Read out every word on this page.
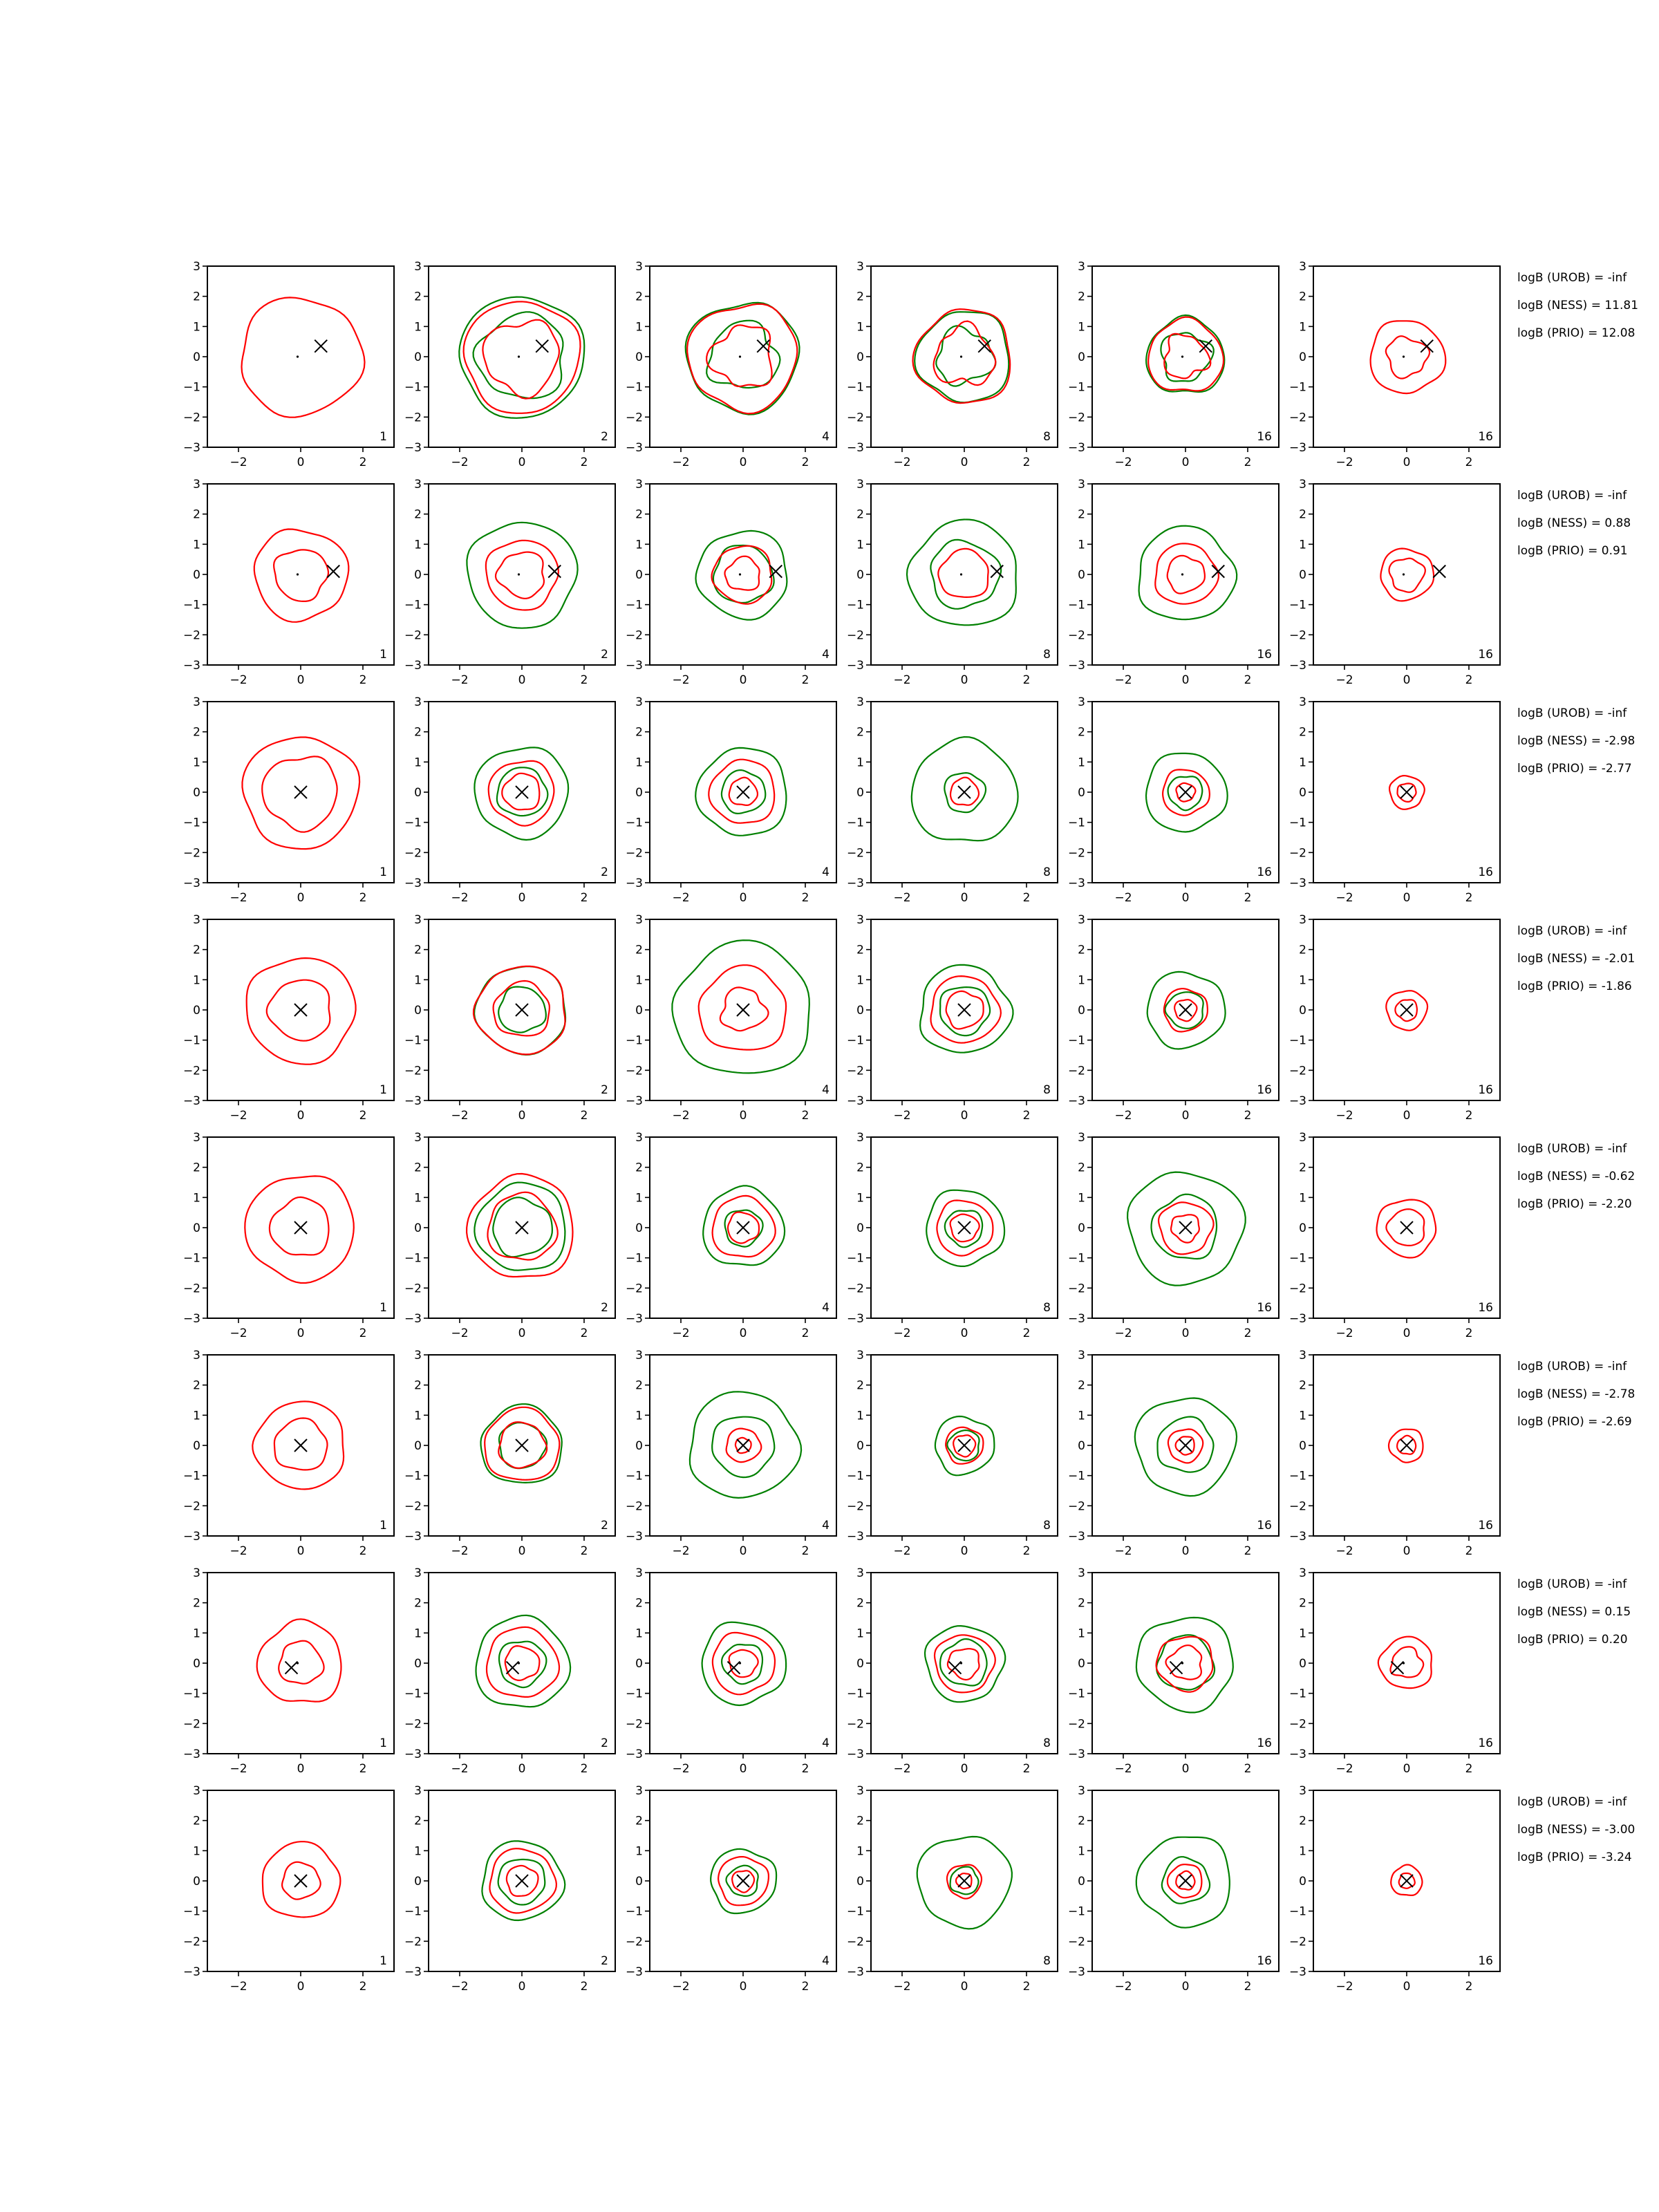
3
2
1
0
−1
−2
−3
−2	0	2
1
3
2
1
0
−1
−2
−3
−2	0	2
2
3
2
1
0
−1
−2
−3
−2	0	2
4
3
2
1
0
−1
−2
−3
−2	0	2
8
3
2
1
0
−1
−2
−3
−2	0	2
16
3
2
1
0
−1
−2
−3
−2	0	2
16
logB (UROB) = -inf
logB (NESS) = 11.81
logB (PRIO) = 12.08
3
2
1
0
−1
−2
−3
−2	0	2
1
3
2
1
0
−1
−2
−3
−2	0	2
2
3
2
1
0
−1
−2
−3
−2	0	2
4
3
2
1
0
−1
−2
−3
−2	0	2
8
3
2
1
0
−1
−2
−3
−2	0	2
16
3
2
1
0
−1
−2
−3
−2	0	2
16
logB (UROB) = -inf
logB (NESS) = 0.88
logB (PRIO) = 0.91
3
2
1
0
−1
−2
−3
−2	0	2
1
3
2
1
0
−1
−2
−3
−2	0	2
2
3
2
1
0
−1
−2
−3
−2	0	2
4
3
2
1
0
−1
−2
−3
−2	0	2
8
3
2
1
0
−1
−2
−3
−2	0	2
16
3
2
1
0
−1
−2
−3
−2	0	2
16
logB (UROB) = -inf
logB (NESS) = -2.98
logB (PRIO) = -2.77
3
2
1
0
−1
−2
−3
−2	0	2
1
3
2
1
0
−1
−2
−3
−2	0	2
2
3
2
1
0
−1
−2
−3
−2	0	2
4
3
2
1
0
−1
−2
−3
−2	0	2
8
3
2
1
0
−1
−2
−3
−2	0	2
16
3
2
1
0
−1
−2
−3
−2	0	2
16
logB (UROB) = -inf
logB (NESS) = -2.01
logB (PRIO) = -1.86
3
2
1
0
−1
−2
−3
−2	0	2
1
3
2
1
0
−1
−2
−3
−2	0	2
2
3
2
1
0
−1
−2
−3
−2	0	2
4
3
2
1
0
−1
−2
−3
−2	0	2
8
3
2
1
0
−1
−2
−3
−2	0	2
16
3
2
1
0
−1
−2
−3
−2	0	2
16
logB (UROB) = -inf
logB (NESS) = -0.62
logB (PRIO) = -2.20
3
2
1
0
−1
−2
−3
−2	0	2
1
3
2
1
0
−1
−2
−3
−2	0	2
2
3
2
1
0
−1
−2
−3
−2	0	2
4
3
2
1
0
−1
−2
−3
−2	0	2
8
3
2
1
0
−1
−2
−3
−2	0	2
16
3
2
1
0
−1
−2
−3
−2	0	2
16
logB (UROB) = -inf
logB (NESS) = -2.78
logB (PRIO) = -2.69
3
2
1
0
−1
−2
−3
−2	0	2
1
3
2
1
0
−1
−2
−3
−2	0	2
2
3
2
1
0
−1
−2
−3
−2	0	2
4
3
2
1
0
−1
−2
−3
−2	0	2
8
3
2
1
0
−1
−2
−3
−2	0	2
16
3
2
1
0
−1
−2
−3
−2	0	2
16
logB (UROB) = -inf
logB (NESS) = 0.15
logB (PRIO) = 0.20
3
2
1
0
−1
−2
−3
−2	0	2
1
3
2
1
0
−1
−2
−3
−2	0	2
2
3
2
1
0
−1
−2
−3
−2	0	2
4
3
2
1
0
−1
−2
−3
−2	0	2
8
3
2
1
0
−1
−2
−3
−2	0	2
16
3
2
1
0
−1
−2
−3
−2	0	2
16
logB (UROB) = -inf
logB (NESS) = -3.00
logB (PRIO) = -3.24
